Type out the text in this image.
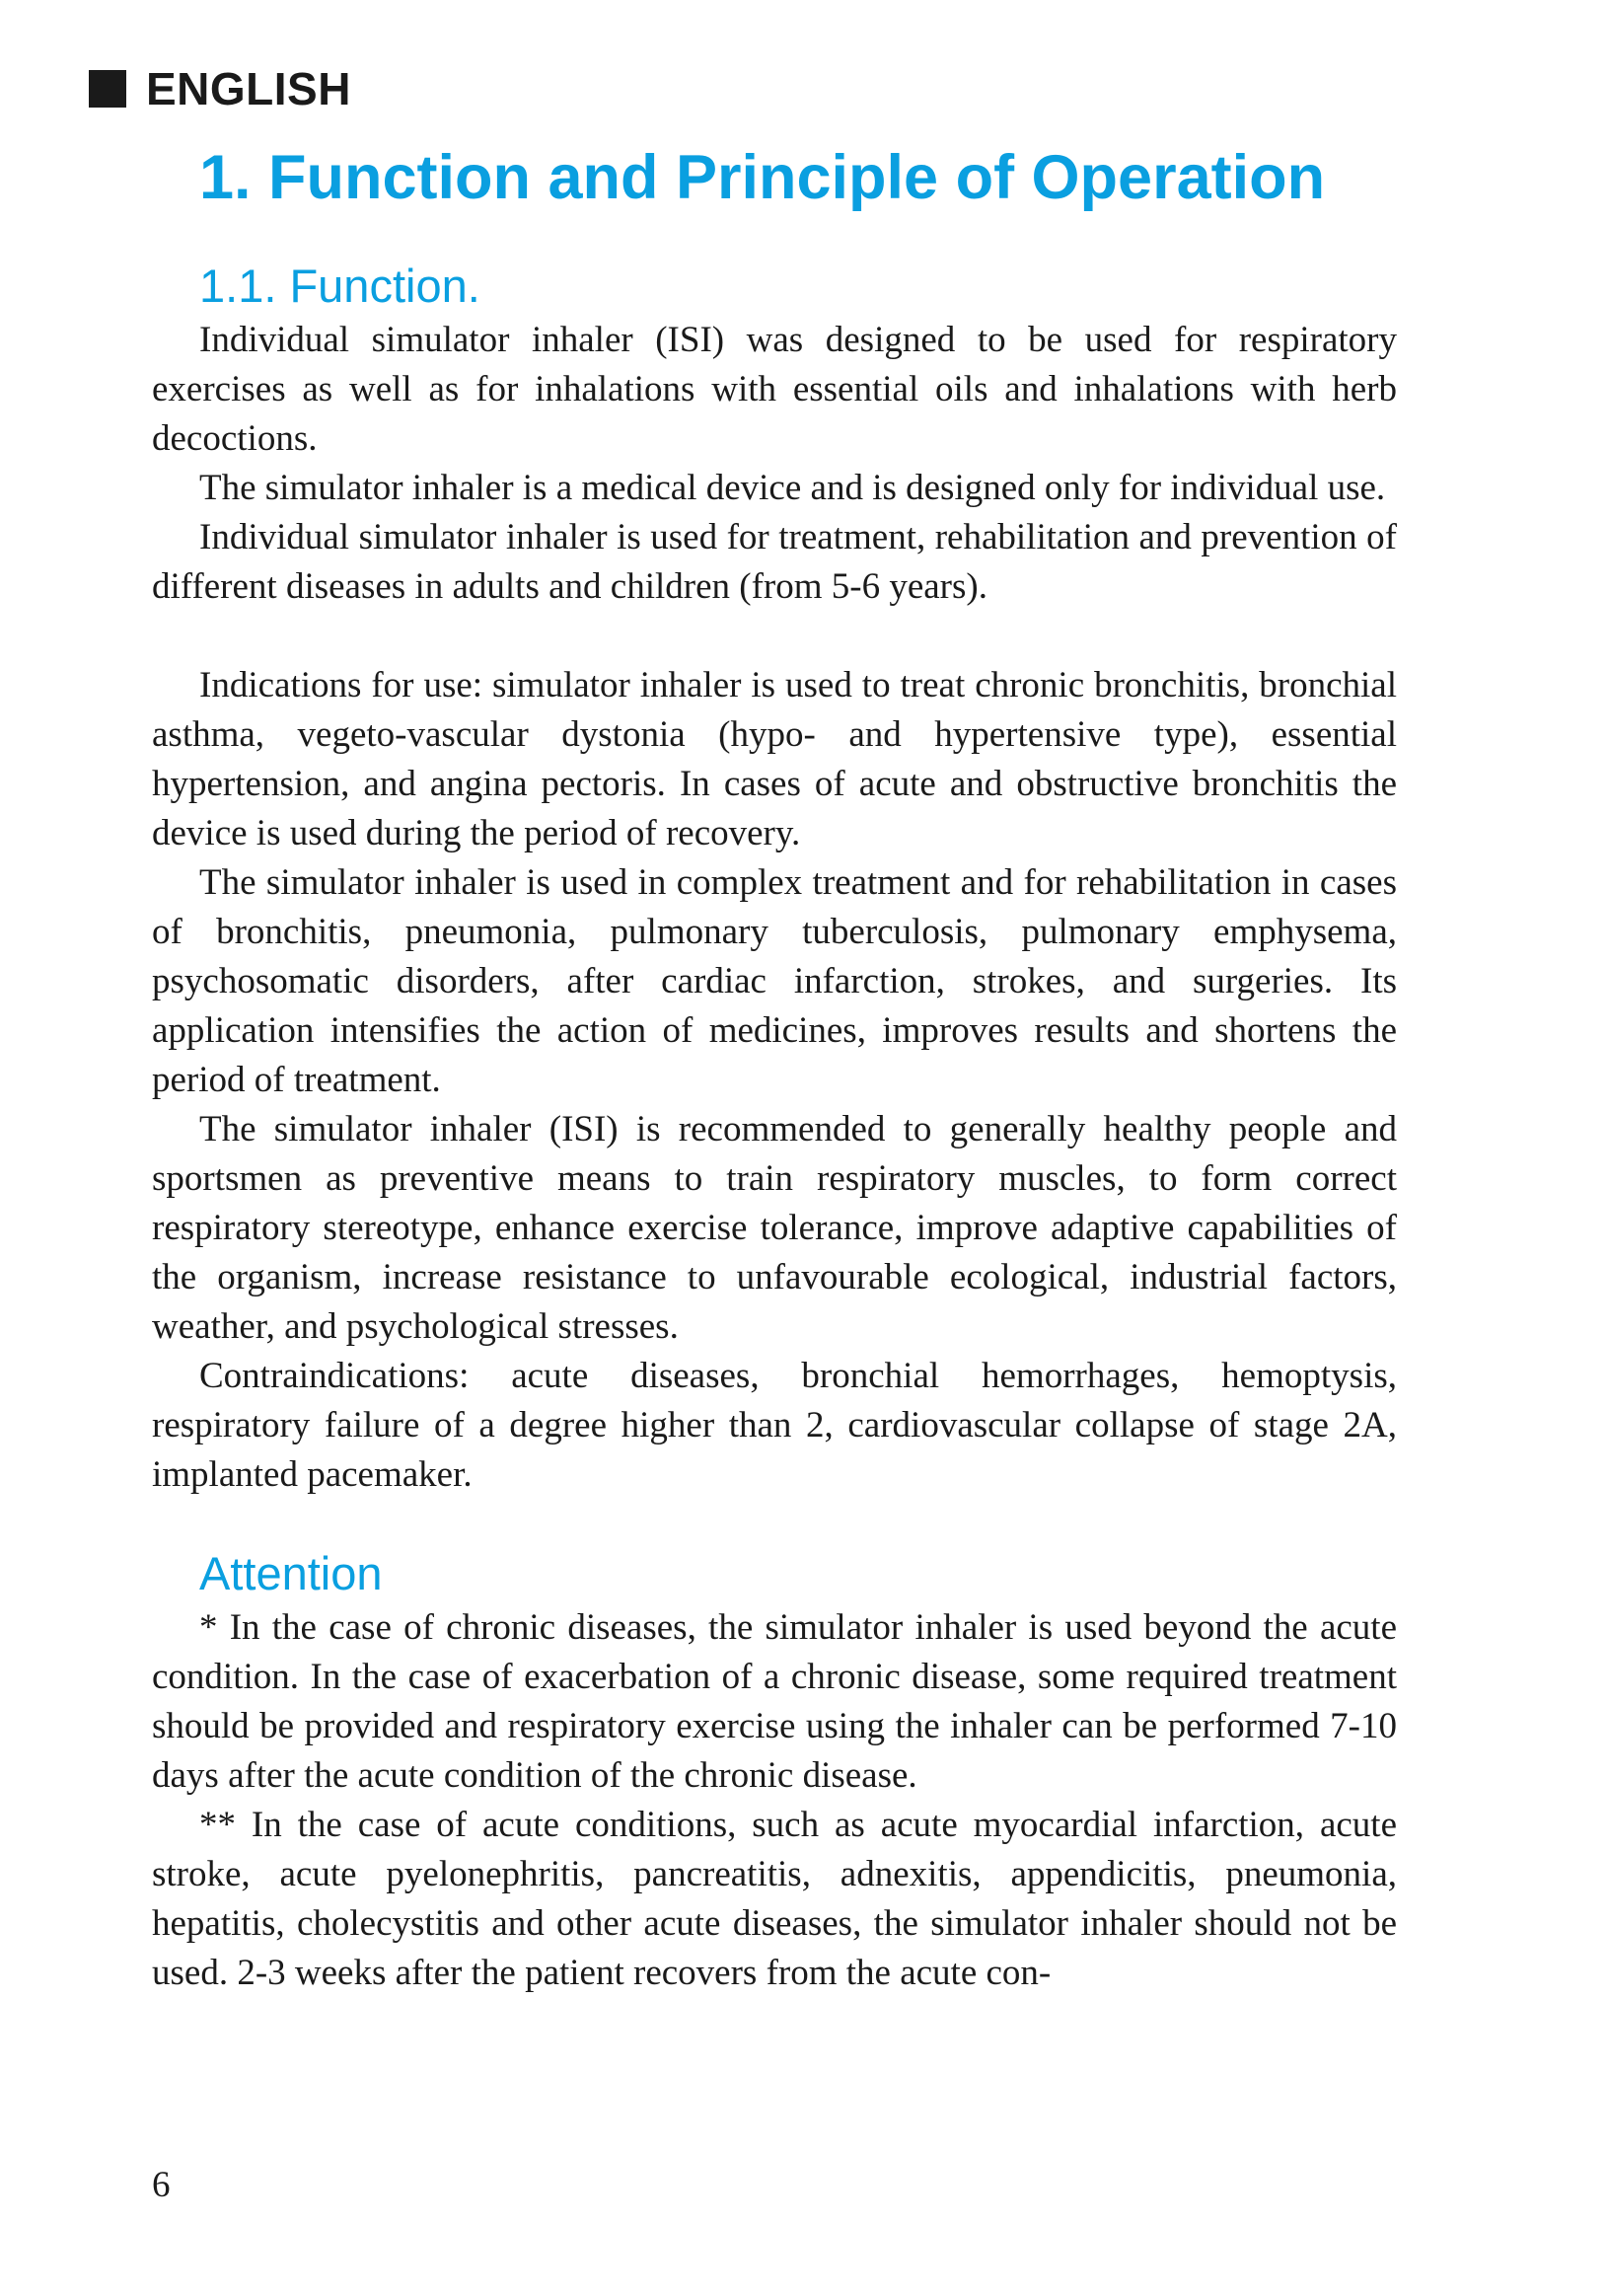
ENGLISH
1. Function and Principle of Operation
1.1. Function.

Individual simulator inhaler (ISI) was designed to be used for respiratory exercises as well as for inhalations with essential oils and inhalations with herb decoctions.

The simulator inhaler is a medical device and is designed only for individual use.

Individual simulator inhaler is used for treatment, rehabilitation and prevention of different diseases in adults and children (from 5-6 years).

Indications for use: simulator inhaler is used to treat chronic bronchitis, bronchial asthma, vegeto-vascular dystonia (hypo- and hypertensive type), essential hypertension, and angina pectoris. In cases of acute and obstructive bronchitis the device is used during the period of recovery.

The simulator inhaler is used in complex treatment and for rehabilitation in cases of bronchitis, pneumonia, pulmonary tuberculosis, pulmonary emphysema, psychosomatic disorders, after cardiac infarction, strokes, and surgeries. Its application intensifies the action of medicines, improves results and shortens the period of treatment.

The simulator inhaler (ISI) is recommended to generally healthy people and sportsmen as preventive means to train respiratory muscles, to form correct respiratory stereotype, enhance exercise tolerance, improve adaptive capabilities of the organism, increase resistance to unfavourable ecological, industrial factors, weather, and psychological stresses.

Contraindications: acute diseases, bronchial hemorrhages, hemoptysis, respiratory failure of a degree higher than 2, cardiovascular collapse of stage 2A, implanted pacemaker.

Attention

* In the case of chronic diseases, the simulator inhaler is used beyond the acute condition. In the case of exacerbation of a chronic disease, some required treatment should be provided and respiratory exercise using the inhaler can be performed 7-10 days after the acute condition of the chronic disease.

** In the case of acute conditions, such as acute myocardial infarction, acute stroke, acute pyelonephritis, pancreatitis, adnexitis, appendicitis, pneumonia, hepatitis, cholecystitis and other acute diseases, the simulator inhaler should not be used. 2-3 weeks after the patient recovers from the acute con-

6
